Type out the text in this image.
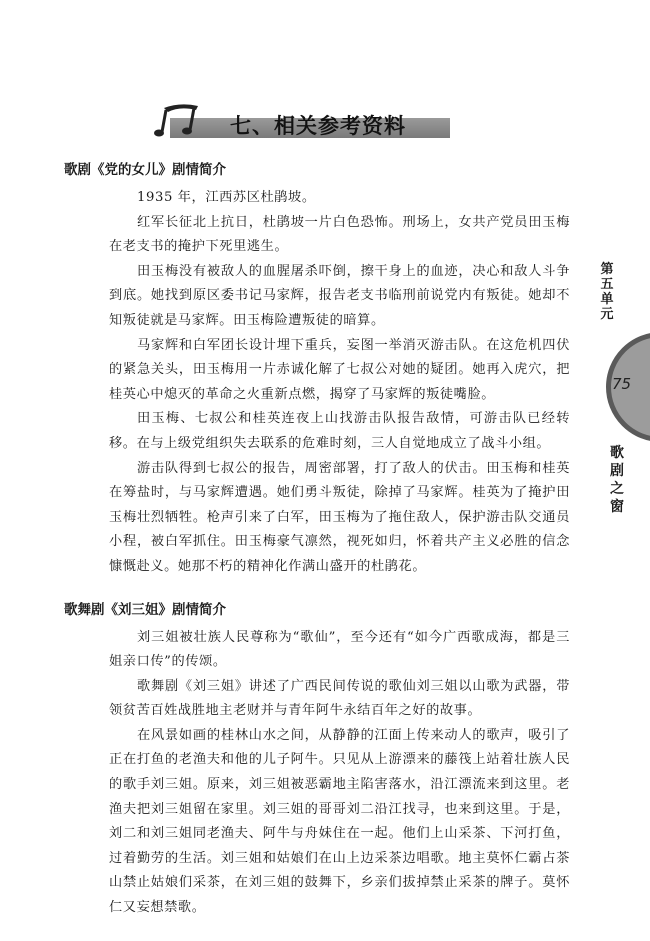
七、相关参考资料
歌剧《党的女儿》剧情简介

1935 年，江西苏区杜鹃坡。

红军长征北上抗日，杜鹃坡一片白色恐怖。刑场上，女共产党员田玉梅在老支书的掩护下死里逃生。

田玉梅没有被敌人的血腥屠杀吓倒，擦干身上的血迹，决心和敌人斗争到底。她找到原区委书记马家辉，报告老支书临刑前说党内有叛徒。她却不知叛徒就是马家辉。田玉梅险遭叛徒的暗算。

马家辉和白军团长设计埋下重兵，妄图一举消灭游击队。在这危机四伏的紧急关头，田玉梅用一片赤诚化解了七叔公对她的疑团。她再入虎穴，把桂英心中熄灭的革命之火重新点燃，揭穿了马家辉的叛徒嘴脸。

田玉梅、七叔公和桂英连夜上山找游击队报告敌情，可游击队已经转移。在与上级党组织失去联系的危难时刻，三人自觉地成立了战斗小组。

游击队得到七叔公的报告，周密部署，打了敌人的伏击。田玉梅和桂英在筹盐时，与马家辉遭遇。她们勇斗叛徒，除掉了马家辉。桂英为了掩护田玉梅壮烈牺牲。枪声引来了白军，田玉梅为了拖住敌人，保护游击队交通员小程，被白军抓住。田玉梅豪气凛然，视死如归，怀着共产主义必胜的信念慷慨赴义。她那不朽的精神化作满山盛开的杜鹃花。

歌舞剧《刘三姐》剧情简介

刘三姐被壮族人民尊称为“歌仙”，至今还有“如今广西歌成海，都是三姐亲口传”的传颂。

歌舞剧《刘三姐》讲述了广西民间传说的歌仙刘三姐以山歌为武器，带领贫苦百姓战胜地主老财并与青年阿牛永结百年之好的故事。

在风景如画的桂林山水之间，从静静的江面上传来动人的歌声，吸引了正在打鱼的老渔夫和他的儿子阿牛。只见从上游漂来的藤筏上站着壮族人民的歌手刘三姐。原来，刘三姐被恶霸地主陷害落水，沿江漂流来到这里。老渔夫把刘三姐留在家里。刘三姐的哥哥刘二沿江找寻，也来到这里。于是，刘二和刘三姐同老渔夫、阿牛与舟妹住在一起。他们上山采茶、下河打鱼，过着勤劳的生活。刘三姐和姑娘们在山上边采茶边唱歌。地主莫怀仁霸占茶山禁止姑娘们采茶，在刘三姐的鼓舞下，乡亲们拔掉禁止采茶的牌子。莫怀仁又妄想禁歌。

第
五
单
元
75
歌
剧
之
窗
